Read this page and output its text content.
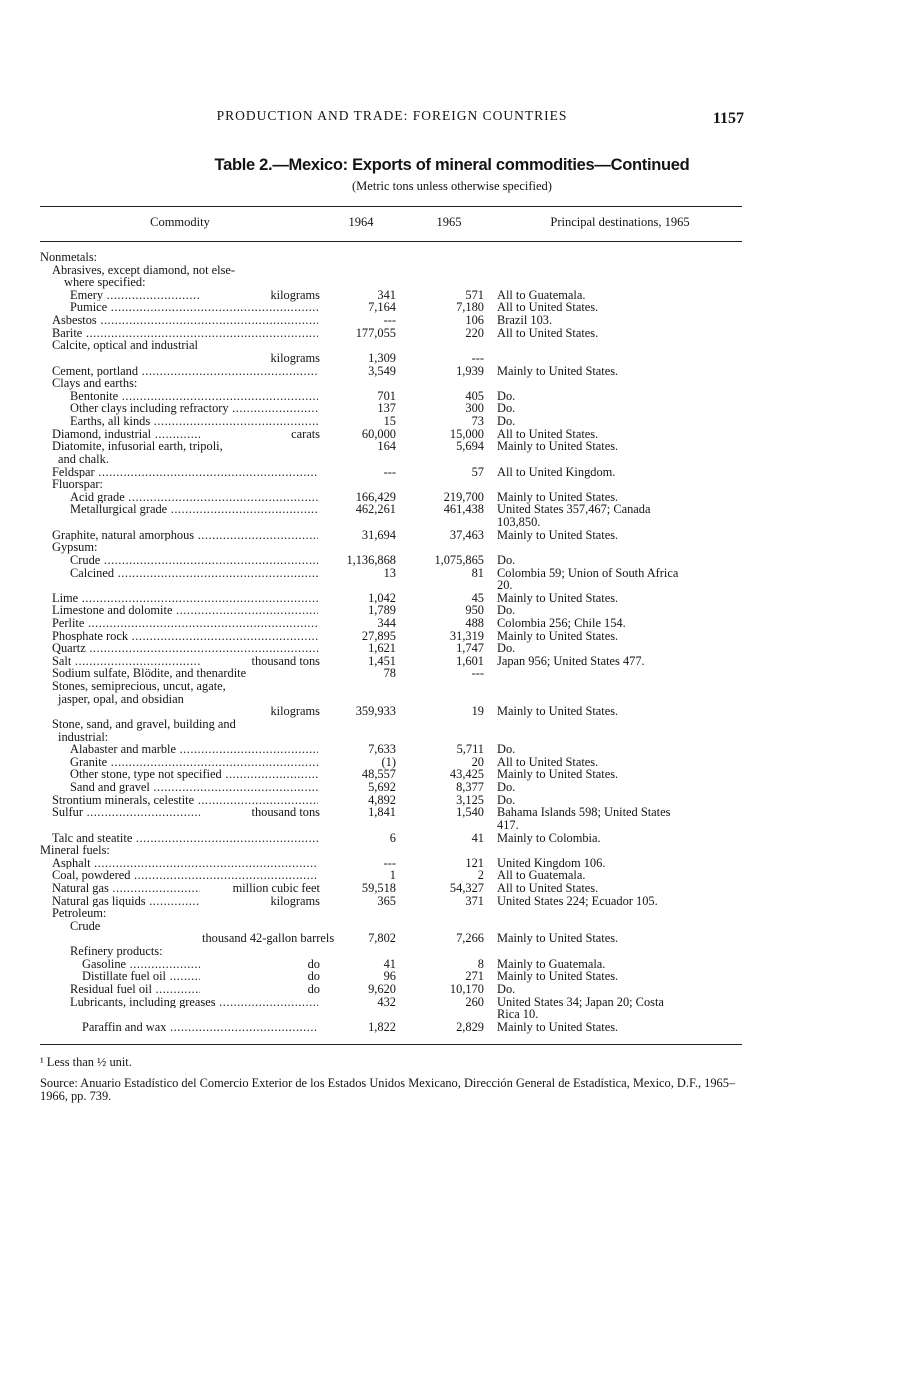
PRODUCTION AND TRADE: FOREIGN COUNTRIES	1157
Table 2.—Mexico: Exports of mineral commodities—Continued
(Metric tons unless otherwise specified)
Commodity	1964	1965	Principal destinations, 1965
Nonmetals:
Abrasives, except diamond, not else-
where specified:
Emery .....	kilograms	341	571 All to Guatemala.
Pumice .....	7,164	7,180 All to United States.
Asbestos .....	---	106 Brazil 103.
Barite .....	177,055	220 All to United States.
Calcite, optical and industrial
kilograms	1,309	---
Cement, portland .....	3,549	1,939 Mainly to United States.
Clays and earths:
Bentonite .....	701	405 Do.
Other clays including refractory .....	137	300 Do.
Earths, all kinds .....	15	73 Do.
Diamond, industrial .....	carats	60,000	15,000 All to United States.
Diatomite, infusorial earth, tripoli,	164	5,694 Mainly to United States.
and chalk.
Feldspar .....	---	57 All to United Kingdom.
Fluorspar:
Acid grade .....	166,429	219,700 Mainly to United States.
Metallurgical grade .....	462,261	461,438 United States 357,467; Canada
103,850.
Graphite, natural amorphous .....	31,694	37,463 Mainly to United States.
Gypsum:
Crude .....	1,136,868	1,075,865 Do.
Calcined .....	13	81 Colombia 59; Union of South Africa
20.
Lime .....	1,042	45 Mainly to United States.
Limestone and dolomite .....	1,789	950 Do.
Perlite .....	344	488 Colombia 256; Chile 154.
Phosphate rock .....	27,895	31,319 Mainly to United States.
Quartz .....	1,621	1,747 Do.
Salt .....	thousand tons	1,451	1,601 Japan 956; United States 477.
Sodium sulfate, Blödite, and thenardite	78	---
Stones, semiprecious, uncut, agate,
jasper, opal, and obsidian
kilograms	359,933	19 Mainly to United States.
Stone, sand, and gravel, building and
industrial:
Alabaster and marble .....	7,633	5,711 Do.
Granite .....	(1)	20 All to United States.
Other stone, type not specified .....	48,557	43,425 Mainly to United States.
Sand and gravel .....	5,692	8,377 Do.
Strontium minerals, celestite .....	4,892	3,125 Do.
Sulfur .....	thousand tons	1,841	1,540 Bahama Islands 598; United States
417.
Talc and steatite .....	6	41 Mainly to Colombia.
Mineral fuels:
Asphalt .....	---	121 United Kingdom 106.
Coal, powdered .....	1	2 All to Guatemala.
Natural gas .....	million cubic feet	59,518	54,327 All to United States.
Natural gas liquids .....	kilograms	365	371 United States 224; Ecuador 105.
Petroleum:
Crude
thousand 42-gallon barrels	7,802	7,266 Mainly to United States.
Refinery products:
Gasoline .....	do	41	8 Mainly to Guatemala.
Distillate fuel oil .....	do	96	271 Mainly to United States.
Residual fuel oil .....	do	9,620	10,170 Do.
Lubricants, including greases .....	432	260 United States 34; Japan 20; Costa
Rica 10.
Paraffin and wax .....	1,822	2,829 Mainly to United States.
¹ Less than ½ unit.
Source: Anuario Estadístico del Comercio Exterior de los Estados Unidos Mexicano, Dirección General de Estadística, Mexico, D.F., 1965–1966, pp. 739.
